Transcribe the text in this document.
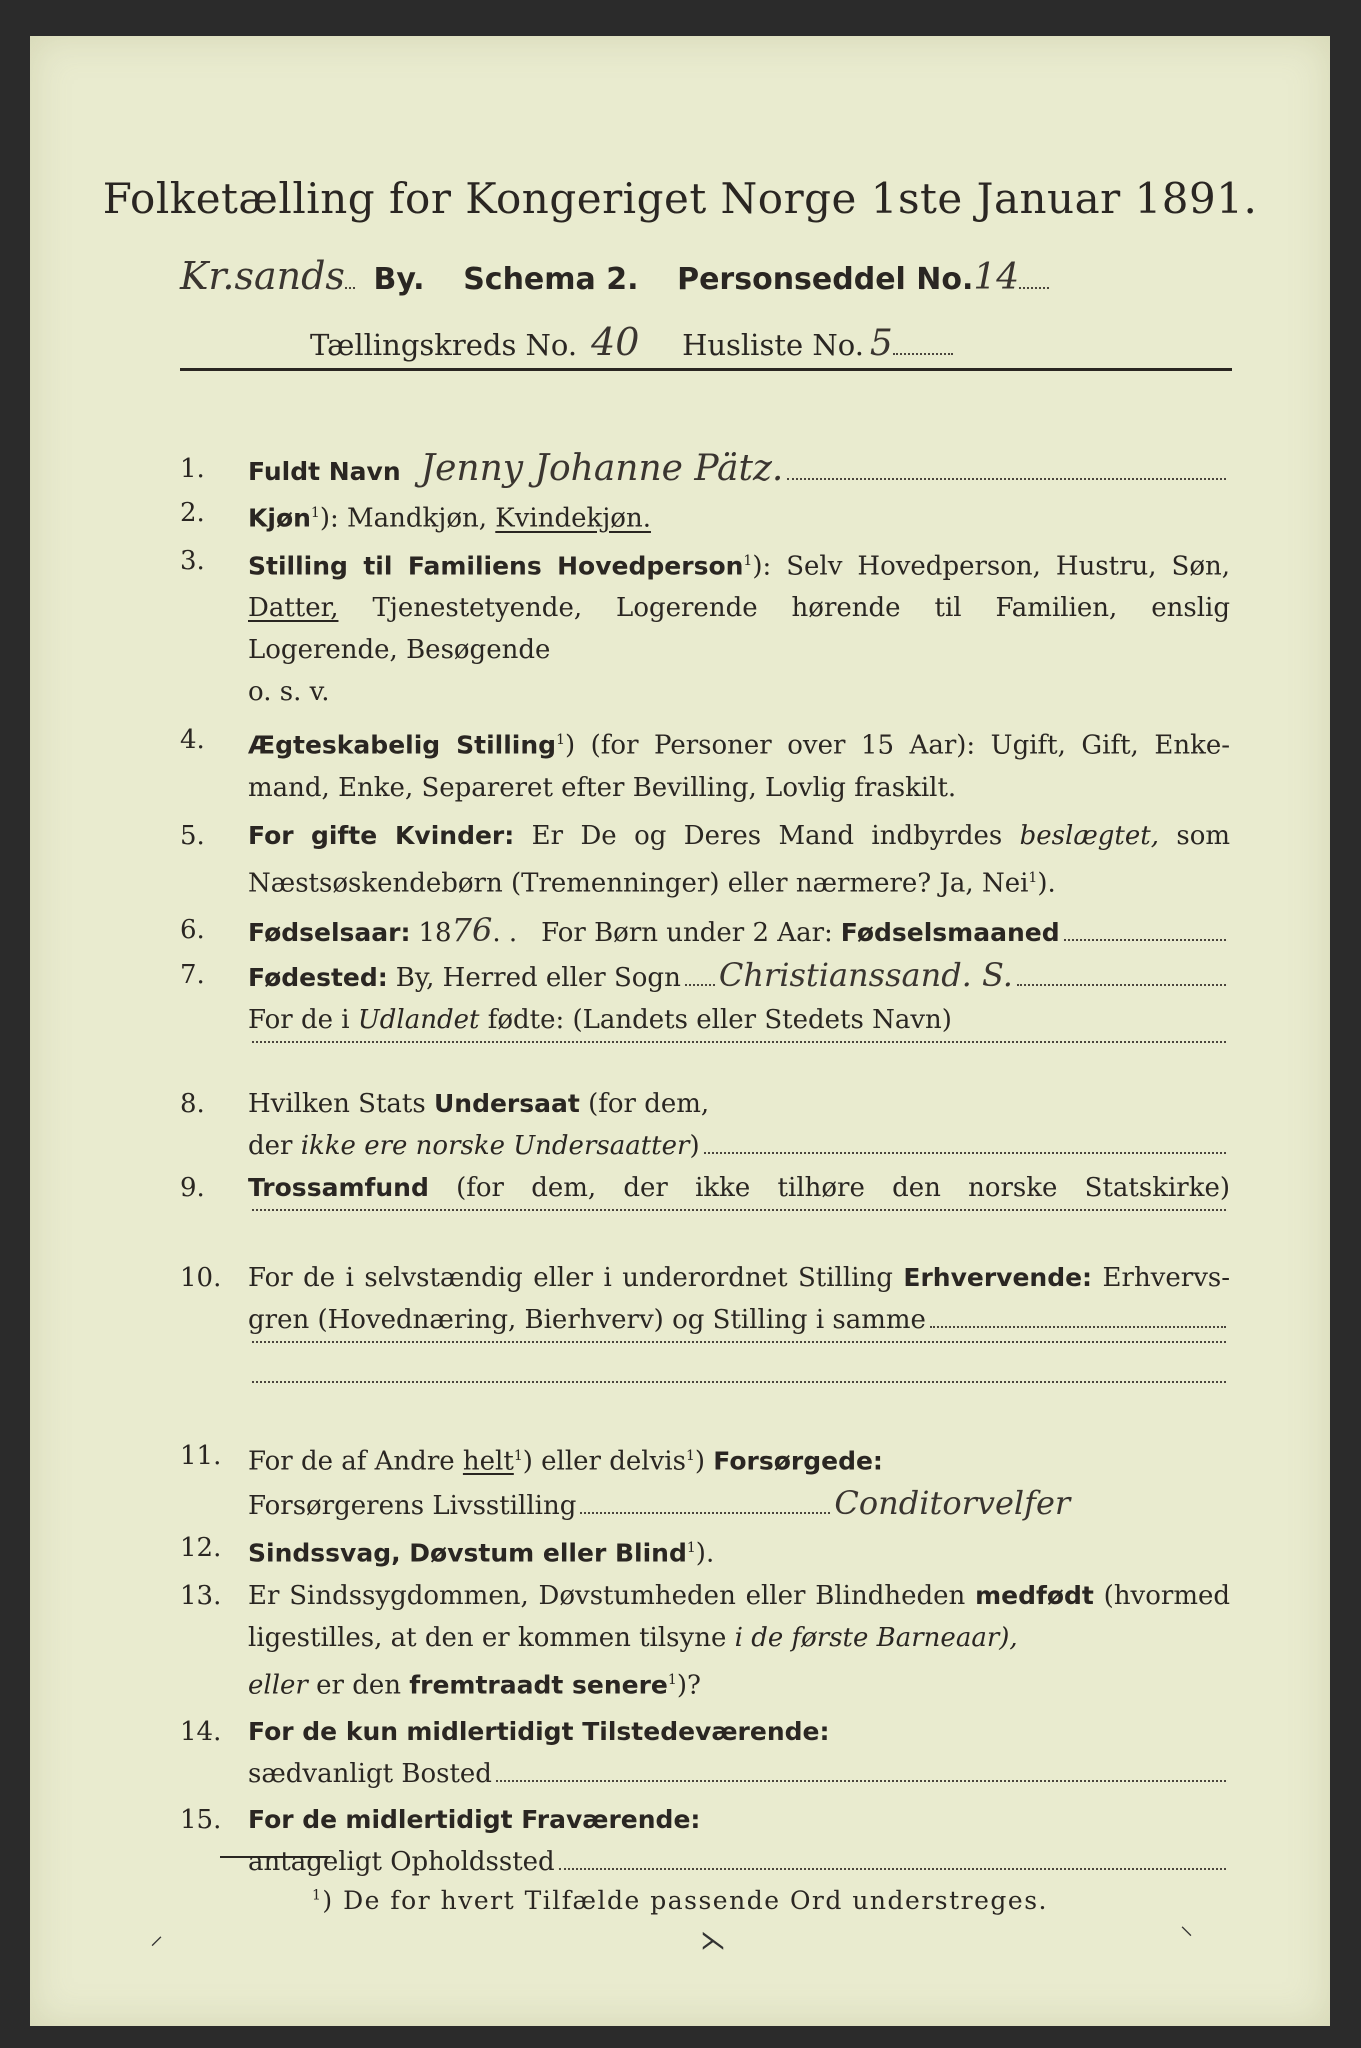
Folketælling for Kongeriget Norge 1ste Januar 1891.
Kr.sands By. Schema 2. Personseddel No.14
Tællingskreds No. 40 Husliste No. 5
1.	Fuldt Navn Jenny Johanne Pätz.
2.	Kjøn$^1$): Mandkjøn, Kvindekjøn.
3.	Stilling til Familiens Hovedperson$^1$): Selv Hovedperson, Hustru, Søn,
Datter, Tjenestetyende, Logerende hørende til Familien, enslig
Logerende, Besøgende
o. s. v.
4.	Ægteskabelig Stilling$^1$) (for Personer over 15 Aar): Ugift, Gift, Enke-
mand, Enke, Separeret efter Bevilling, Lovlig fraskilt.
5.	For gifte Kvinder: Er De og Deres Mand indbyrdes beslægtet, som
Næstsøskendebørn (Tremenninger) eller nærmere? Ja, Nei$^1$).
6.	Fødselsaar: 18 76 . . For Børn under 2 Aar: Fødselsmaaned
7.	Fødested: By, Herred eller Sogn Christianssand. S.
For de i Udlandet fødte: (Landets eller Stedets Navn)
8.	Hvilken Stats Undersaat (for dem,
der
ikke ere norske Undersaatter )
9.	Trossamfund (for dem, der ikke tilhøre den norske Statskirke)
10.	For de i selvstændig eller i underordnet Stilling Erhvervende: Erhvervs-
gren (Hovednæring, Bierhverv) og Stilling i samme
11.	For de af Andre helt$^1$) eller delvis$^1$) Forsørgede:
Forsørgerens Livsstilling	Conditorvelfer
12.	Sindssvag, Døvstum eller Blind$^1$).
13.	Er Sindssygdommen, Døvstumheden eller Blindheden medfødt (hvormed
ligestilles, at den er kommen tilsyne i de første Barneaar),
eller er den fremtraadt senere$^1$)?
14.	For de kun midlertidigt Tilstedeværende:
sædvanligt Bosted
15.	For de midlertidigt Fraværende:
antageligt Opholdssted
$^1$) De for hvert Tilfælde passende Ord understreges.
⸝	⋋	⸜
